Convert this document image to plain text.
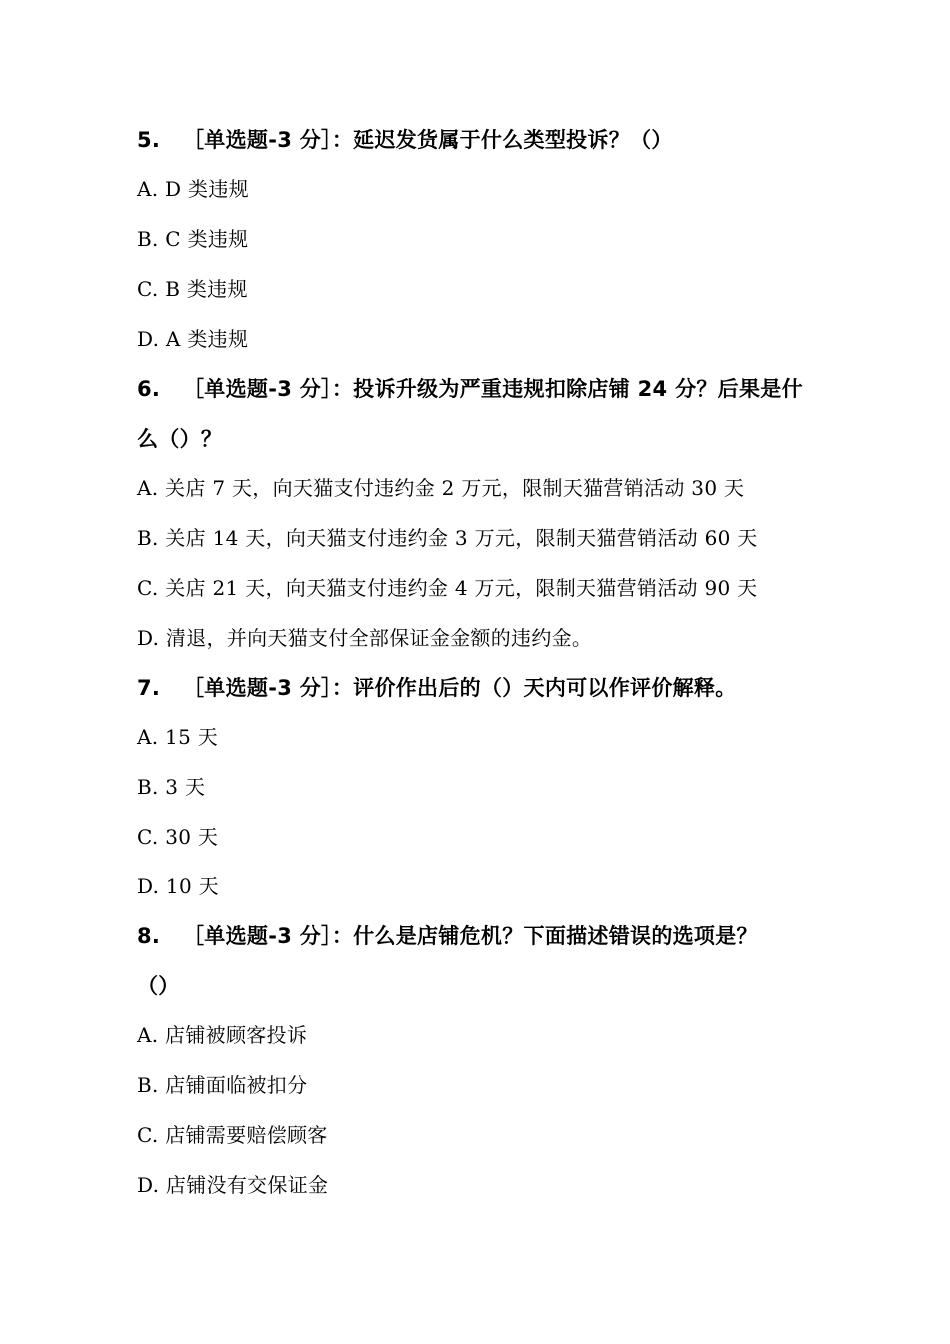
5. ［单选题-3 分］：延迟发货属于什么类型投诉？（）
A. D 类违规
B. C 类违规
C. B 类违规
D. A 类违规
6. ［单选题-3 分］：投诉升级为严重违规扣除店铺 24 分？后果是什
么（）？
A. 关店 7 天，向天猫支付违约金 2 万元，限制天猫营销活动 30 天
B. 关店 14 天，向天猫支付违约金 3 万元，限制天猫营销活动 60 天
C. 关店 21 天，向天猫支付违约金 4 万元，限制天猫营销活动 90 天
D. 清退，并向天猫支付全部保证金金额的违约金。
7. ［单选题-3 分］：评价作出后的（）天内可以作评价解释。
A. 15 天
B. 3 天
C. 30 天
D. 10 天
8. ［单选题-3 分］：什么是店铺危机？下面描述错误的选项是？
（）
A. 店铺被顾客投诉
B. 店铺面临被扣分
C. 店铺需要赔偿顾客
D. 店铺没有交保证金
